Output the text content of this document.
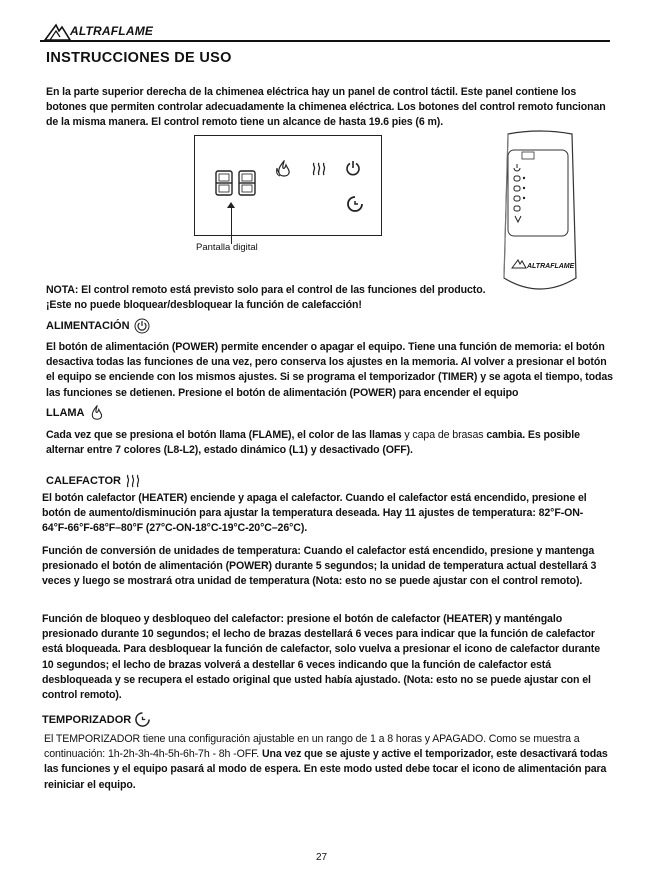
ALTRAFLAME
INSTRUCCIONES DE USO
En la parte superior derecha de la chimenea eléctrica hay un panel de control táctil. Este panel contiene los botones que permiten controlar adecuadamente la chimenea eléctrica. Los botones del control remoto funcionan de la misma manera. El control remoto tiene un alcance de hasta 19.6 pies (6 m).
Pantalla digital
ALTRAFLAME
NOTA: El control remoto está previsto solo para el control de las funciones del producto.
¡Este no puede bloquear/desbloquear la función de calefacción!
ALIMENTACIÓN
El botón de alimentación (POWER) permite encender o apagar el equipo. Tiene una función de memoria: el botón desactiva todas las funciones de una vez, pero conserva los ajustes en la memoria. Al volver a presionar el botón el equipo se enciende con los mismos ajustes. Si se programa el temporizador (TIMER) y se agota el tiempo, todas las funciones se detienen. Presione el botón de alimentación (POWER) para encender el equipo
LLAMA
Cada vez que se presiona el botón llama (FLAME), el color de las llamas y capa de brasas cambia. Es posible alternar entre 7 colores (L8-L2), estado dinámico (L1) y desactivado (OFF).
CALEFACTOR
El botón calefactor (HEATER) enciende y apaga el calefactor. Cuando el calefactor está encendido, presione el botón de aumento/disminución para ajustar la temperatura deseada. Hay 11 ajustes de temperatura: 82°F-ON-64°F-66°F-68°F–80°F (27°C-ON-18°C-19°C-20°C–26°C).
Función de conversión de unidades de temperatura: Cuando el calefactor está encendido, presione y mantenga presionado el botón de alimentación (POWER) durante 5 segundos; la unidad de temperatura actual destellará 3 veces y luego se mostrará otra unidad de temperatura (Nota: esto no se puede ajustar con el control remoto).
Función de bloqueo y desbloqueo del calefactor: presione el botón de calefactor (HEATER) y manténgalo presionado durante 10 segundos; el lecho de brazas destellará 6 veces para indicar que la función de calefactor está bloqueada. Para desbloquear la función de calefactor, solo vuelva a presionar el icono de calefactor durante 10 segundos; el lecho de brazas volverá a destellar 6 veces indicando que la función de calefactor está desbloqueada y se recupera el estado original que usted había ajustado. (Nota: esto no se puede ajustar con el control remoto).
TEMPORIZADOR
El TEMPORIZADOR tiene una configuración ajustable en un rango de 1 a 8 horas y APAGADO. Como se muestra a continuación: 1h-2h-3h-4h-5h-6h-7h - 8h -OFF. Una vez que se ajuste y active el temporizador, este desactivará todas las funciones y el equipo pasará al modo de espera. En este modo usted debe tocar el icono de alimentación para reiniciar el equipo.
27
